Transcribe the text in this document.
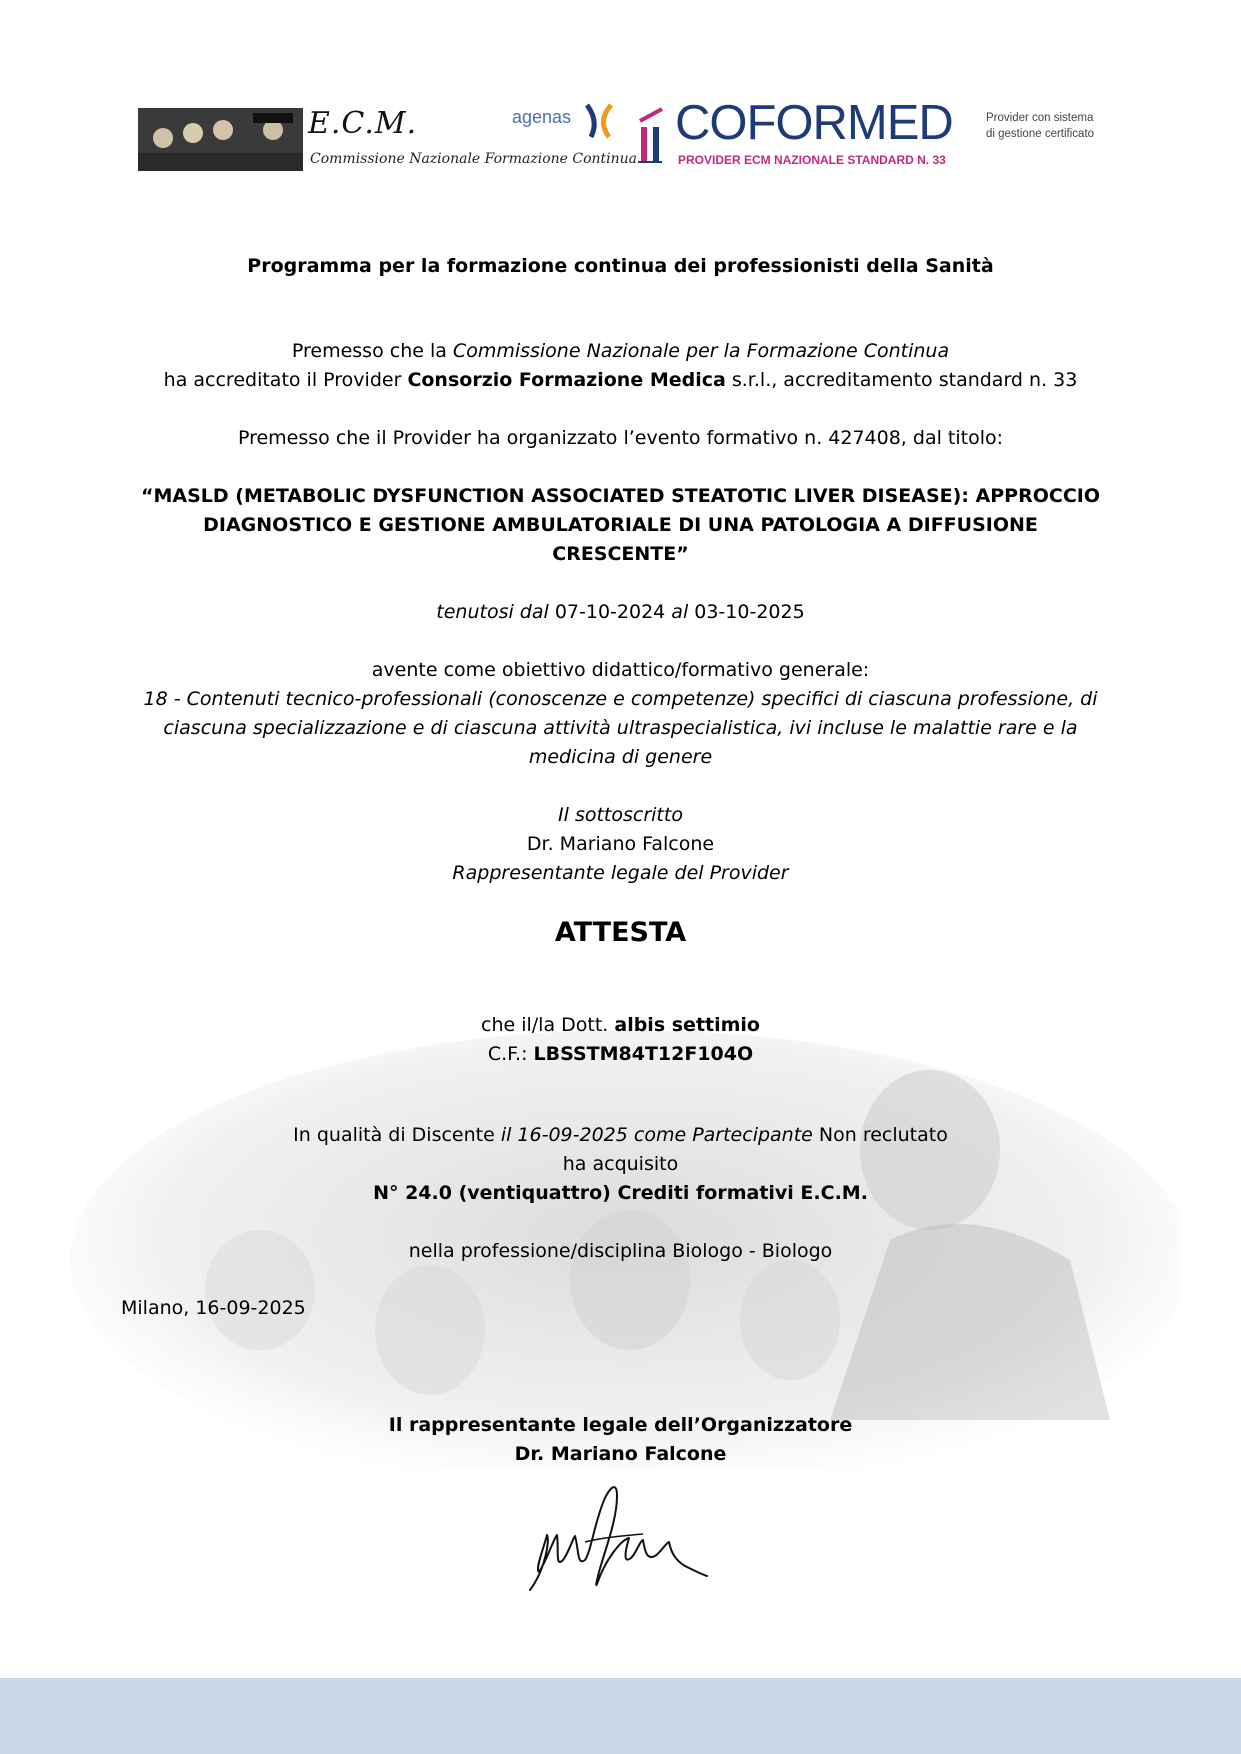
E.C.M.
Commissione Nazionale Formazione Continua
agenas COFORMED
PROVIDER ECM NAZIONALE STANDARD N. 33
Provider con sistema
di gestione certificato
Programma per la formazione continua dei professionisti della Sanità
Premesso che la Commissione Nazionale per la Formazione Continua
ha accreditato il Provider Consorzio Formazione Medica s.r.l., accreditamento standard n. 33
Premesso che il Provider ha organizzato l’evento formativo n. 427408, dal titolo:
“MASLD (METABOLIC DYSFUNCTION ASSOCIATED STEATOTIC LIVER DISEASE): APPROCCIO
DIAGNOSTICO E GESTIONE AMBULATORIALE DI UNA PATOLOGIA A DIFFUSIONE
CRESCENTE”
tenutosi dal 07-10-2024 al 03-10-2025
avente come obiettivo didattico/formativo generale:
18 - Contenuti tecnico-professionali (conoscenze e competenze) specifici di ciascuna professione, di
ciascuna specializzazione e di ciascuna attività ultraspecialistica, ivi incluse le malattie rare e la
medicina di genere
Il sottoscritto
Dr. Mariano Falcone
Rappresentante legale del Provider
ATTESTA
che il/la Dott. albis settimio
C.F.: LBSSTM84T12F104O
In qualità di Discente il 16-09-2025 come Partecipante Non reclutato
ha acquisito
N° 24.0 (ventiquattro) Crediti formativi E.C.M.
nella professione/disciplina Biologo - Biologo
Milano, 16-09-2025
Il rappresentante legale dell’Organizzatore
Dr. Mariano Falcone
